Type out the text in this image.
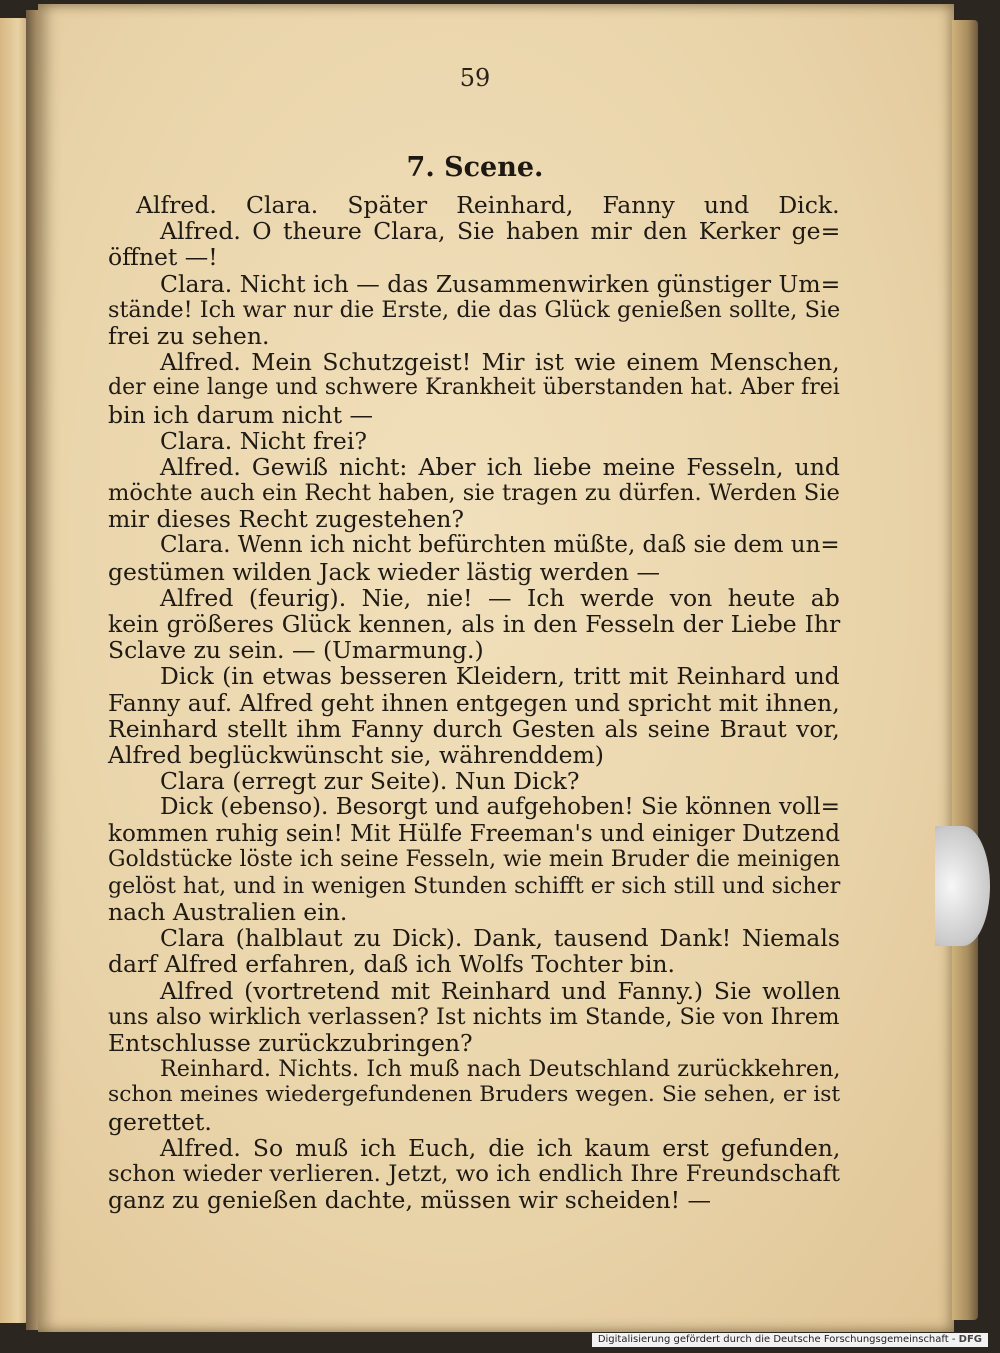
59
7. Scene.
Alfred. Clara. Später Reinhard, Fanny und Dick.
Alfred. O theure Clara, Sie haben mir den Kerker ge=
öffnet —!
Clara. Nicht ich — das Zusammenwirken günstiger Um=
stände! Ich war nur die Erste, die das Glück genießen sollte, Sie
frei zu sehen.
Alfred. Mein Schutzgeist! Mir ist wie einem Menschen,
der eine lange und schwere Krankheit überstanden hat. Aber frei
bin ich darum nicht —
Clara. Nicht frei?
Alfred. Gewiß nicht: Aber ich liebe meine Fesseln, und
möchte auch ein Recht haben, sie tragen zu dürfen. Werden Sie
mir dieses Recht zugestehen?
Clara. Wenn ich nicht befürchten müßte, daß sie dem un=
gestümen wilden Jack wieder lästig werden —
Alfred (feurig). Nie, nie! — Ich werde von heute ab
kein größeres Glück kennen, als in den Fesseln der Liebe Ihr
Sclave zu sein. — (Umarmung.)
Dick (in etwas besseren Kleidern, tritt mit Reinhard und
Fanny auf. Alfred geht ihnen entgegen und spricht mit ihnen,
Reinhard stellt ihm Fanny durch Gesten als seine Braut vor,
Alfred beglückwünscht sie, währenddem)
Clara (erregt zur Seite). Nun Dick?
Dick (ebenso). Besorgt und aufgehoben! Sie können voll=
kommen ruhig sein! Mit Hülfe Freeman's und einiger Dutzend
Goldstücke löste ich seine Fesseln, wie mein Bruder die meinigen
gelöst hat, und in wenigen Stunden schifft er sich still und sicher
nach Australien ein.
Clara (halblaut zu Dick). Dank, tausend Dank! Niemals
darf Alfred erfahren, daß ich Wolfs Tochter bin.
Alfred (vortretend mit Reinhard und Fanny.) Sie wollen
uns also wirklich verlassen? Ist nichts im Stande, Sie von Ihrem
Entschlusse zurückzubringen?
Reinhard. Nichts. Ich muß nach Deutschland zurückkehren,
schon meines wiedergefundenen Bruders wegen. Sie sehen, er ist
gerettet.
Alfred. So muß ich Euch, die ich kaum erst gefunden,
schon wieder verlieren. Jetzt, wo ich endlich Ihre Freundschaft
ganz zu genießen dachte, müssen wir scheiden! —
Digitalisierung gefördert durch die Deutsche Forschungsgemeinschaft - DFG
